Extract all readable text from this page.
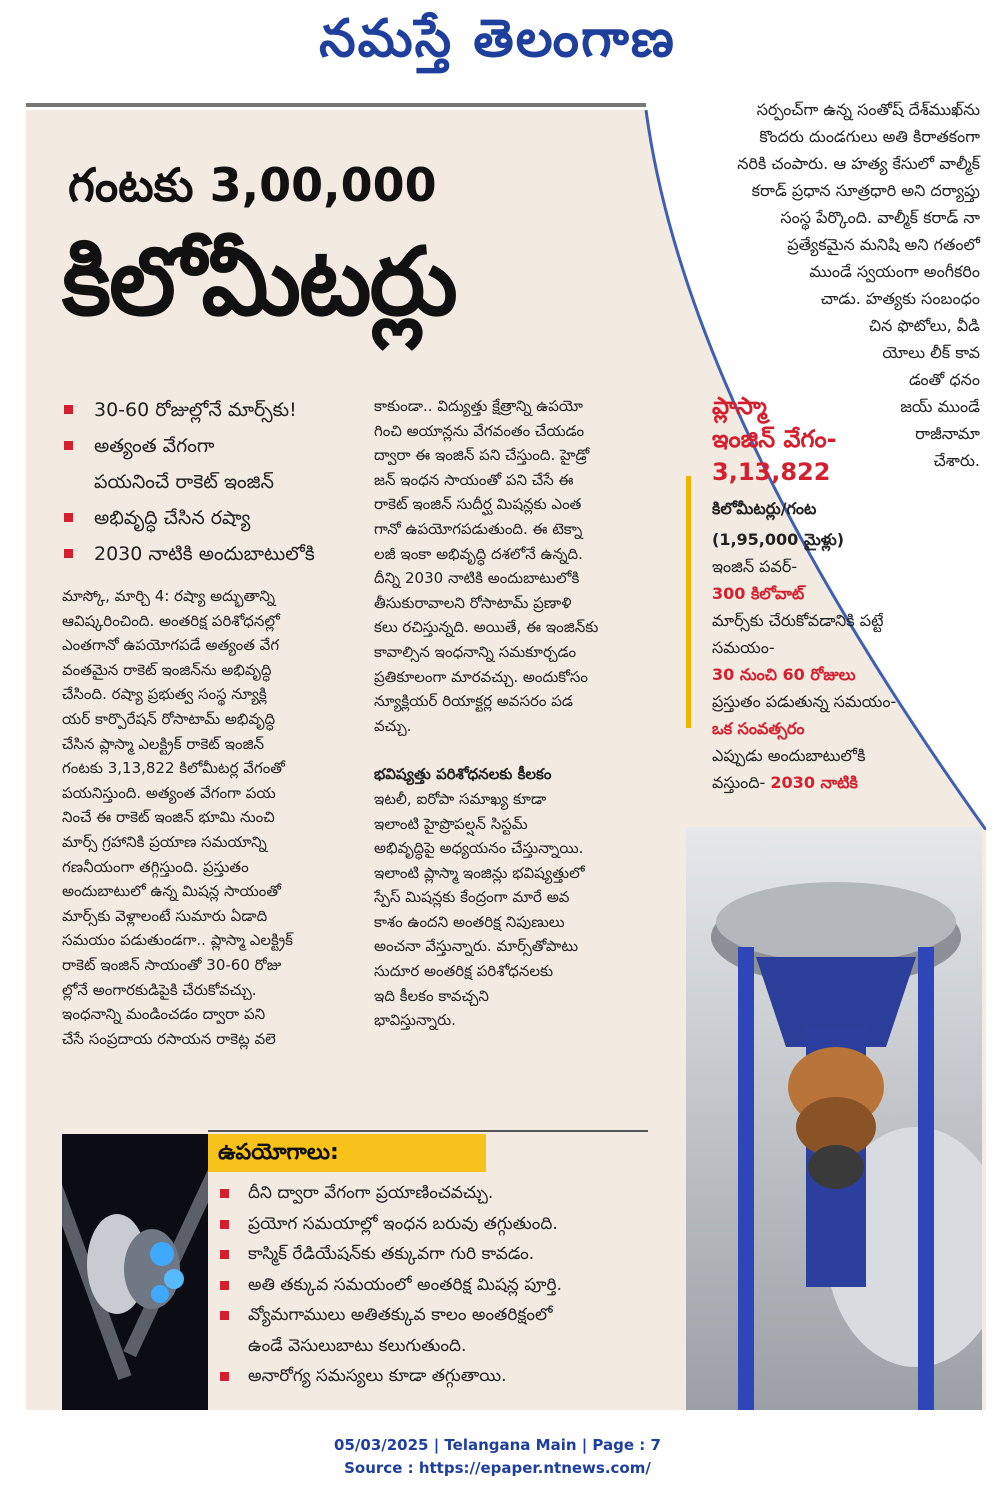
నమస్తే తెలంగాణ
గంటకు 3,00,000
కిలోమీటర్లు
సర్పంచ్‌గా ఉన్న సంతోష్ దేశ్‌ముఖ్‌ను
కొందరు దుండగులు అతి కిరాతకంగా
నరికి చంపారు. ఆ హత్య కేసులో వాల్మీక్
కరాడ్ ప్రధాన సూత్రధారి అని దర్యాప్తు
సంస్థ పేర్కొంది. వాల్మీక్ కరాడ్ నా
ప్రత్యేకమైన మనిషి అని గతంలో
ముండే స్వయంగా అంగీకరిం
చాడు. హత్యకు సంబంధం
చిన ఫొటోలు, వీడి
యోలు లీక్ కావ
డంతో ధనం
జయ్ ముండే
రాజీనామా
చేశారు.
30-60 రోజుల్లోనే మార్స్‌కు!
అత్యంత వేగంగా
పయనించే రాకెట్ ఇంజిన్
అభివృద్ధి చేసిన రష్యా
2030 నాటికి అందుబాటులోకి
మాస్కో, మార్చి 4: రష్యా అద్భుతాన్ని
ఆవిష్కరించింది. అంతరిక్ష పరిశోధనల్లో
ఎంతగానో ఉపయోగపడే అత్యంత వేగ
వంతమైన రాకెట్ ఇంజిన్‌ను అభివృద్ధి
చేసింది. రష్యా ప్రభుత్వ సంస్థ న్యూక్లి
యర్ కార్పొరేషన్ రోసాటామ్ అభివృద్ధి
చేసిన ప్లాస్మా ఎలక్ట్రిక్ రాకెట్ ఇంజిన్
గంటకు 3,13,822 కిలోమీటర్ల వేగంతో
పయనిస్తుంది. అత్యంత వేగంగా పయ
నించే ఈ రాకెట్ ఇంజిన్ భూమి నుంచి
మార్స్ గ్రహానికి ప్రయాణ సమయాన్ని
గణనీయంగా తగ్గిస్తుంది. ప్రస్తుతం
అందుబాటులో ఉన్న మిషన్ల సాయంతో
మార్స్‌కు వెళ్లాలంటే సుమారు ఏడాది
సమయం పడుతుండగా.. ప్లాస్మా ఎలక్ట్రిక్
రాకెట్ ఇంజిన్ సాయంతో 30-60 రోజు
ల్లోనే అంగారకుడిపైకి చేరుకోవచ్చు.
ఇంధనాన్ని మండించడం ద్వారా పని
చేసే సంప్రదాయ రసాయన రాకెట్ల వలె
కాకుండా.. విద్యుత్తు క్షేత్రాన్ని ఉపయో
గించి అయాన్లను వేగవంతం చేయడం
ద్వారా ఈ ఇంజిన్ పని చేస్తుంది. హైడ్రో
జన్ ఇంధన సాయంతో పని చేసే ఈ
రాకెట్ ఇంజిన్ సుదీర్ఘ మిషన్లకు ఎంత
గానో ఉపయోగపడుతుంది. ఈ టెక్నా
లజీ ఇంకా అభివృద్ధి దశలోనే ఉన్నది.
దీన్ని 2030 నాటికి అందుబాటులోకి
తీసుకురావాలని రోసాటామ్ ప్రణాళి
కలు రచిస్తున్నది. అయితే, ఈ ఇంజిన్‌కు
కావాల్సిన ఇంధనాన్ని సమకూర్చడం
ప్రతికూలంగా మారవచ్చు. అందుకోసం
న్యూక్లియర్ రియాక్టర్ల అవసరం పడ
వచ్చు.
భవిష్యత్తు పరిశోధనలకు కీలకం
ఇటలీ, ఐరోపా సమాఖ్య కూడా
ఇలాంటి హైప్రొపల్షన్ సిస్టమ్
అభివృద్ధిపై అధ్యయనం చేస్తున్నాయి.
ఇలాంటి ప్లాస్మా ఇంజిన్లు భవిష్యత్తులో
స్పేస్ మిషన్లకు కేంద్రంగా మారే అవ
కాశం ఉందని అంతరిక్ష నిపుణులు
అంచనా వేస్తున్నారు. మార్స్‌తోపాటు
సుదూర అంతరిక్ష పరిశోధనలకు
ఇది కీలకం కావచ్చని
భావిస్తున్నారు.
ప్లాస్మా
ఇంజిన్ వేగం-
3,13,822
కిలోమీటర్లు/గంట
(1,95,000 మైళ్లు)
ఇంజిన్ పవర్-
300 కిలోవాట్
మార్స్‌కు చేరుకోవడానికి పట్టే
సమయం-
30 నుంచి 60 రోజులు
ప్రస్తుతం పడుతున్న సమయం-
ఒక సంవత్సరం
ఎప్పుడు అందుబాటులోకి
వస్తుంది- 2030 నాటికి
ఉపయోగాలు:
దీని ద్వారా వేగంగా ప్రయాణించవచ్చు.
ప్రయోగ సమయాల్లో ఇంధన బరువు తగ్గుతుంది.
కాస్మిక్ రేడియేషన్‌కు తక్కువగా గురి కావడం.
అతి తక్కువ సమయంలో అంతరిక్ష మిషన్ల పూర్తి.
వ్యోమగాములు అతితక్కువ కాలం అంతరిక్షంలో
ఉండే వెసులుబాటు కలుగుతుంది.
అనారోగ్య సమస్యలు కూడా తగ్గుతాయి.
05/03/2025 | Telangana Main | Page : 7
Source : https://epaper.ntnews.com/
